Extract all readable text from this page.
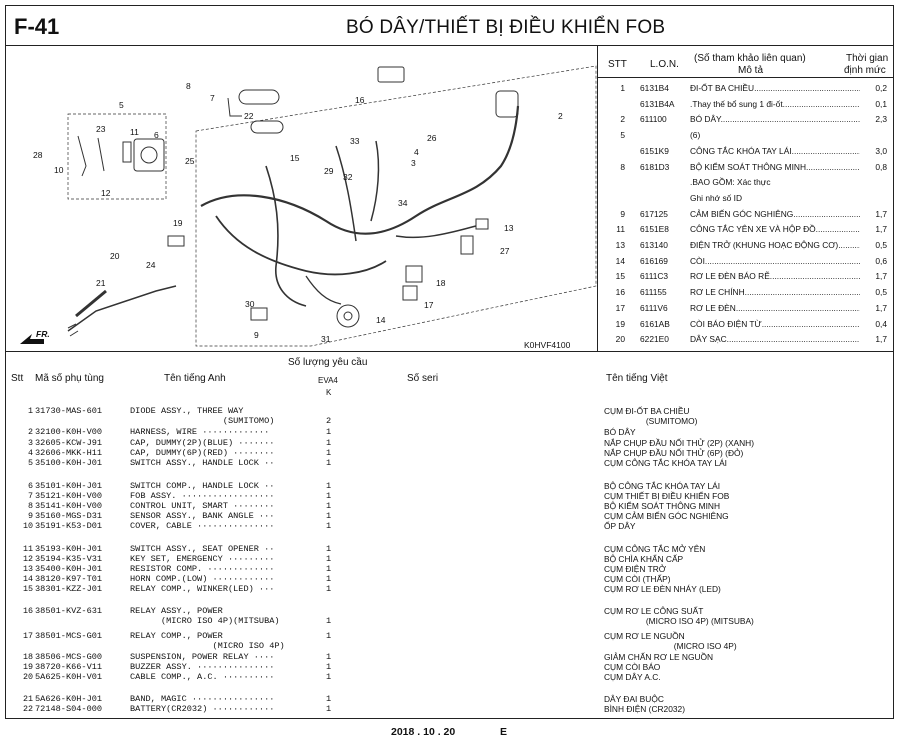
F-41	BÓ DÂY/THIẾT BỊ ĐIỀU KHIỂN FOB
FR.
K0HVF4100
2
3
4
5
6
7
8
9
10
11
12
13
14
15
16
17
18
19
20
21
22
23
24
25
26
27
28
29
30
31
32
33
34
STT L.O.N.
(Số tham khảo liên quan)
Mô tả
Thời gian
định mức
1 6131B4	ĐI-ỐT BA CHIỀU .....	0,2
6131B4A .Thay thế bổ sung 1 đi-ốt .....	0,1
2 611100	BÓ DÂY .....	2,3
5	(6)
6151K9	CÔNG TẮC KHÓA TAY LÁI .....	3,0
8 6181D3 BỘ KIỂM SOÁT THÔNG MINH .....	0,8
.BAO GỒM: Xác thực
Ghi nhớ số ID
9 617125	CẢM BIẾN GÓC NGHIÊNG .....	1,7
11 6151E8	CÔNG TẮC YÊN XE VÀ HỘP ĐỒ .....	1,7
13 613140	ĐIỆN TRỞ (KHUNG HOẠC ĐỘNG CƠ) .....	0,5
14 616169	CÒI .....	0,6
15 6111C3	RƠ LE ĐÈN BÁO RẼ .....	1,7
16 611155	RƠ LE CHÍNH .....	0,5
17 6111V6	RƠ LE ĐÈN .....	1,7
19 6161AB CÒI BÁO ĐIỆN TỪ .....	0,4
20 6221E0	DÂY SẠC .....	1,7
Stt Mã số phụ tùng	Tên tiếng Anh
Số lượng yêu cầu
EVA4
K
Số seri	Tên tiếng Việt
1 31730-MAS-601	DIODE ASSY., THREE WAY	CỤM ĐI-ỐT BA CHIỀU
(SUMITOMO)	2	(SUMITOMO)
2 32100-K0H-V00	HARNESS, WIRE ·············	1	BÓ DÂY
3 32605-KCW-J91	CAP, DUMMY(2P)(BLUE) ·······	1	NẮP CHỤP ĐẦU NỐI THỬ (2P) (XANH)
4 32606-MKK-H11	CAP, DUMMY(6P)(RED) ········	1	NẮP CHỤP ĐẦU NỐI THỬ (6P) (ĐỎ)
5 35100-K0H-J01	SWITCH ASSY., HANDLE LOCK ··	1	CỤM CÔNG TẮC KHÓA TAY LÁI
6 35101-K0H-J01	SWITCH COMP., HANDLE LOCK ··	1	BỘ CÔNG TẮC KHÓA TAY LÁI
7 35121-K0H-V00	FOB ASSY. ··················	1	CỤM THIẾT BỊ ĐIỀU KHIỂN FOB
8 35141-K0H-V00	CONTROL UNIT, SMART ········	1	BỘ KIỂM SOÁT THÔNG MINH
9 35160-MGS-D31	SENSOR ASSY., BANK ANGLE ···	1	CỤM CẢM BIẾN GÓC NGHIÊNG
10 35191-K53-D01	COVER, CABLE ···············	1	ỐP DÂY
11 35193-K0H-J01	SWITCH ASSY., SEAT OPENER ··	1	CỤM CÔNG TẮC MỞ YÊN
12 35194-K35-V31	KEY SET, EMERGENCY ·········	1	BỘ CHÌA KHẨN CẤP
13 35400-K0H-J01	RESISTOR COMP. ·············	1	CỤM ĐIỆN TRỞ
14 38120-K97-T01	HORN COMP.(LOW) ············	1	CỤM CÒI (THẤP)
15 38301-KZZ-J01	RELAY COMP., WINKER(LED) ···	1	CỤM RƠ LE ĐÈN NHÁY (LED)
16 38501-KVZ-631	RELAY ASSY., POWER	CỤM RƠ LE CÔNG SUẤT
(MICRO ISO 4P)(MITSUBA)	1	(MICRO ISO 4P) (MITSUBA)
17 38501-MCS-G01	RELAY COMP., POWER	1	CỤM RƠ LE NGUỒN
(MICRO ISO 4P)	(MICRO ISO 4P)
18 38506-MCS-G00	SUSPENSION, POWER RELAY ····	1	GIẢM CHẤN RƠ LE NGUỒN
19 38720-K66-V11	BUZZER ASSY. ···············	1	CỤM CÒI BÁO
20 5A625-K0H-V01	CABLE COMP., A.C. ··········	1	CỤM DÂY A.C.
21 5A626-K0H-J01	BAND, MAGIC ················	1	DÂY ĐAI BUỘC
22 72148-S04-000	BATTERY(CR2032) ············	1	BÌNH ĐIỆN (CR2032)
2018 . 10 . 20	E
